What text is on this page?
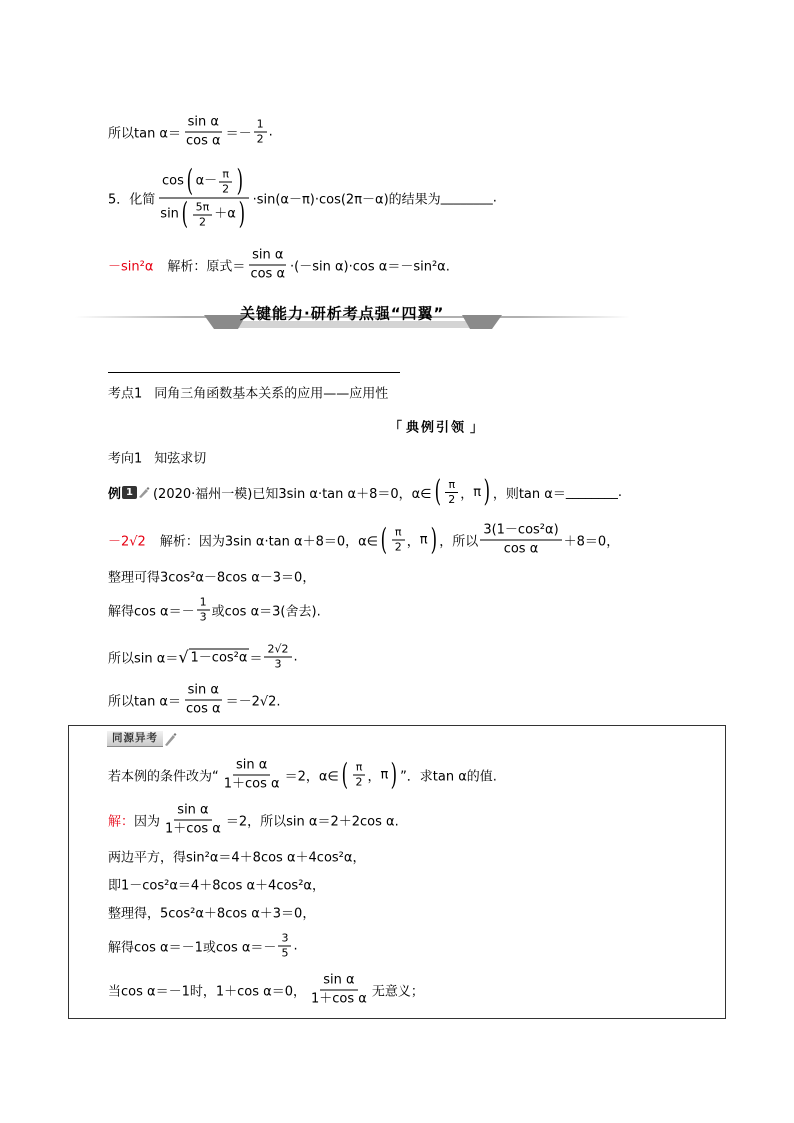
所以$\tan \alpha= \frac{\text{sin α}}{\text{cos α}} =- \frac{1}{2}$ .
5． 化简
cos ( $\alpha- \frac{\pi}{2}$ )
sin ( $\frac{5\pi}{2} +\alpha$ ) ·sin(α－π)·cos(2π－α)的结果为 ________ .
－sin²α 解析： 原式＝ $\frac{\text{sin α}}{\text{cos α}} \cdot(-\sin$ α)·cos α＝－sin²α.
关键能力·研析考点强“四翼”
考点1 同角三角函数基本关系的应用——应用性
「 典例引领 」
考向1 知弦求切
例 1	(2020·福州一模) 已知3sin α·tan α＋8＝0，α∈ ( $\frac{\pi}{2}$ ， π ) ，则tan α＝ ________ .
－2√2 解析： 因为3sin α·tan α＋8＝0，α∈ ( $\frac{\pi}{2}$ ， π ) ，所以 $\frac{\text{3(1－cos²α)}}{\text{cos α}} +8=0$，
整理可得3cos²α－8cos α－3＝0，
解得$\cos \alpha=- \frac{1}{3}$ 或cos α＝3(舍去).
所以sin α＝ √ $1-\cos^2\alpha = \frac{2√2}{3}$ .
所以$\tan \alpha= \frac{\text{sin α}}{\text{cos α}} =-2√2$.
同源异考
若本例的条件改为“ $\frac{\text{sin α}}{\text{1＋cos α}} =2$，α∈ ( $\frac{\pi}{2}$ ， π ) ”．求tan α的值.
解： 因为 $\frac{\text{sin α}}{\text{1＋cos α}} =2$，所以sin α＝2＋2cos α.
两边平方，得sin²α＝4＋8cos α＋4cos²α，
即1－cos²α＝4＋8cos α＋4cos²α，
整理得，5cos²α＋8cos α＋3＝0，
解得cos α＝－1或$\cos \alpha=- \frac{3}{5}$ .
当cos α＝－1时，1＋cos α＝0， $\frac{\text{sin α}}{\text{1＋cos α}}$ 无意义；
